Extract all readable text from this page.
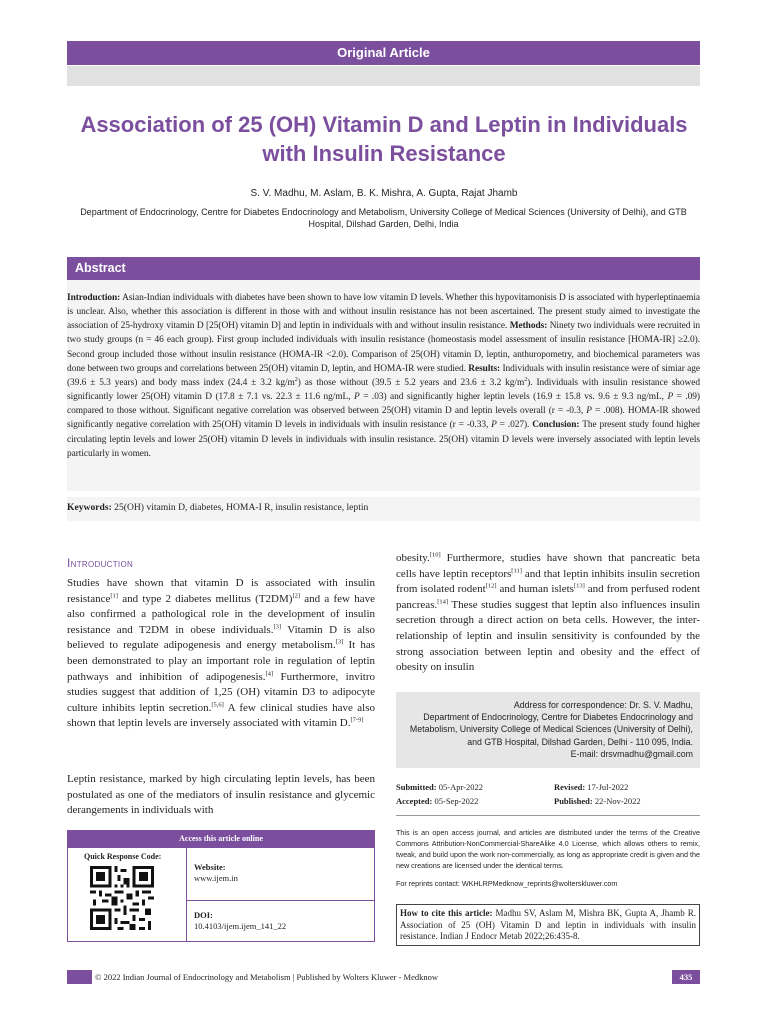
Original Article
Association of 25 (OH) Vitamin D and Leptin in Individuals with Insulin Resistance
S. V. Madhu, M. Aslam, B. K. Mishra, A. Gupta, Rajat Jhamb
Department of Endocrinology, Centre for Diabetes Endocrinology and Metabolism, University College of Medical Sciences (University of Delhi), and GTB Hospital, Dilshad Garden, Delhi, India
Abstract
Introduction: Asian-Indian individuals with diabetes have been shown to have low vitamin D levels. Whether this hypovitamonisis D is associated with hyperleptinaemia is unclear. Also, whether this association is different in those with and without insulin resistance has not been ascertained. The present study aimed to investigate the association of 25-hydroxy vitamin D [25(OH) vitamin D] and leptin in individuals with and without insulin resistance. Methods: Ninety two individuals were recruited in two study groups (n = 46 each group). First group included individuals with insulin resistance (homeostasis model assessment of insulin resistance [HOMA-IR] ≥2.0). Second group included those without insulin resistance (HOMA-IR <2.0). Comparison of 25(OH) vitamin D, leptin, anthuropometry, and biochemical parameters was done between two groups and correlations between 25(OH) vitamin D, leptin, and HOMA-IR were studied. Results: Individuals with insulin resistance were of simiar age (39.6 ± 5.3 years) and body mass index (24.4 ± 3.2 $kg/m^2$) as those without (39.5 ± 5.2 years and 23.6 ± 3.2 $kg/m^2$). Individuals with insulin resistance showed significantly lower 25(OH) vitamin D (17.8 ± 7.1 vs. 22.3 ± 11.6 ng/mL, P = .03) and significantly higher leptin levels (16.9 ± 15.8 vs. 9.6 ± 9.3 ng/mL, P = .09) compared to those without. Significant negative correlation was observed between 25(OH) vitamin D and leptin levels overall (r = -0.3, P = .008). HOMA-IR showed significantly negative correlation with 25(OH) vitamin D levels in individuals with insulin resistance (r = -0.33, P = .027). Conclusion: The present study found higher circulating leptin levels and lower 25(OH) vitamin D levels in individuals with insulin resistance. 25(OH) vitamin D levels were inversely associated with leptin levels particularly in women.
Keywords: 25(OH) vitamin D, diabetes, HOMA-I R, insulin resistance, leptin
Introduction
Studies have shown that vitamin D is associated with insulin resistance[1] and type 2 diabetes mellitus (T2DM)[2] and a few have also confirmed a pathological role in the development of insulin resistance and T2DM in obese individuals.[3] Vitamin D is also believed to regulate adipogenesis and energy metabolism.[3] It has been demonstrated to play an important role in regulation of leptin pathways and inhibition of adipogenesis.[4] Furthermore, invitro studies suggest that addition of 1,25 (OH) vitamin D3 to adipocyte culture inhibits leptin secretion.[5,6] A few clinical studies have also shown that leptin levels are inversely associated with vitamin D.[7-9]
Leptin resistance, marked by high circulating leptin levels, has been postulated as one of the mediators of insulin resistance and glycemic derangements in individuals with
obesity.[10] Furthermore, studies have shown that pancreatic beta cells have leptin receptors[11] and that leptin inhibits insulin secretion from isolated rodent[12] and human islets[13] and from perfused rodent pancreas.[14] These studies suggest that leptin also influences insulin secretion through a direct action on beta cells. However, the inter-relationship of leptin and insulin sensitivity is confounded by the strong association between leptin and obesity and the effect of obesity on insulin
Access this article online
Quick Response Code:
Website:
www.ijem.in
DOI:
10.4103/ijem.ijem_141_22
Address for correspondence: Dr. S. V. Madhu,
Department of Endocrinology, Centre for Diabetes Endocrinology and
Metabolism, University College of Medical Sciences (University of Delhi),
and GTB Hospital, Dilshad Garden, Delhi - 110 095, India.
E-mail: drsvmadhu@gmail.com
Submitted: 05-Apr-2022	Revised: 17-Jul-2022
Accepted: 05-Sep-2022	Published: 22-Nov-2022
This is an open access journal, and articles are distributed under the terms of the Creative Commons Attribution-NonCommercial-ShareAlike 4.0 License, which allows others to remix, tweak, and build upon the work non-commercially, as long as appropriate credit is given and the new creations are licensed under the identical terms.
For reprints contact: WKHLRPMedknow_reprints@wolterskluwer.com
How to cite this article: Madhu SV, Aslam M, Mishra BK, Gupta A, Jhamb R. Association of 25 (OH) Vitamin D and leptin in individuals with insulin resistance. Indian J Endocr Metab 2022;26:435-8.
© 2022 Indian Journal of Endocrinology and Metabolism | Published by Wolters Kluwer - Medknow	435
